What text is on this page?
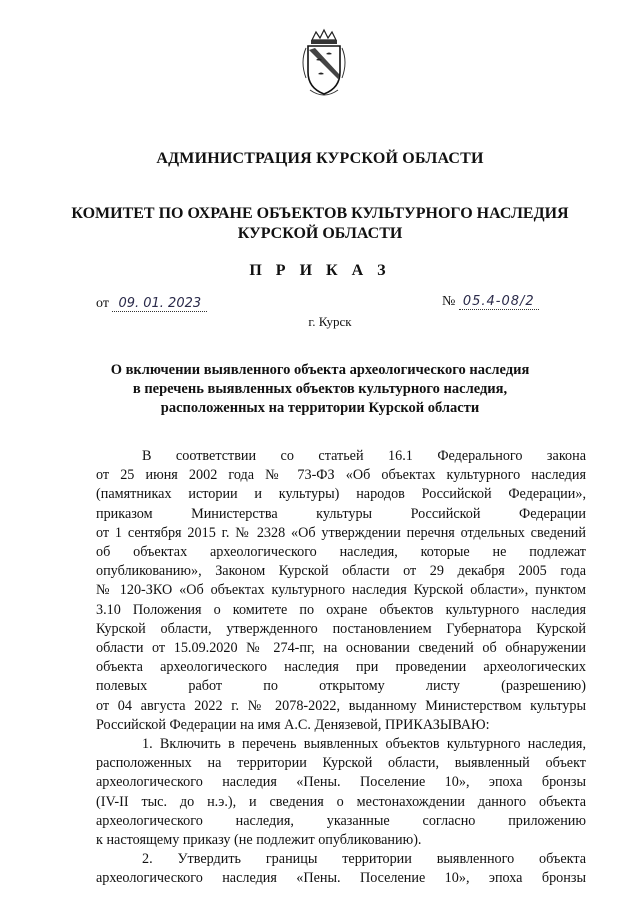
АДМИНИСТРАЦИЯ КУРСКОЙ ОБЛАСТИ
КОМИТЕТ ПО ОХРАНЕ ОБЪЕКТОВ КУЛЬТУРНОГО НАСЛЕДИЯ
КУРСКОЙ ОБЛАСТИ
П Р И К А З
от 09. 01. 2023	№ 05.4-08/2
г. Курск
О включении выявленного объекта археологического наследия
в перечень выявленных объектов культурного наследия,
расположенных на территории Курской области

В соответствии со статьей 16.1 Федерального закона

от 25 июня 2002 года № 73-ФЗ «Об объектах культурного наследия

(памятниках истории и культуры) народов Российской Федерации»,

приказом Министерства культуры Российской Федерации

от 1 сентября 2015 г. № 2328 «Об утверждении перечня отдельных сведений

об объектах археологического наследия, которые не подлежат

опубликованию», Законом Курской области от 29 декабря 2005 года

№ 120-ЗКО «Об объектах культурного наследия Курской области», пунктом

3.10 Положения о комитете по охране объектов культурного наследия

Курской области, утвержденного постановлением Губернатора Курской

области от 15.09.2020 № 274-пг, на основании сведений об обнаружении

объекта археологического наследия при проведении археологических

полевых работ по открытому листу (разрешению)

от 04 августа 2022 г. № 2078-2022, выданному Министерством культуры

Российской Федерации на имя А.С. Денязевой, ПРИКАЗЫВАЮ:

1. Включить в перечень выявленных объектов культурного наследия,

расположенных на территории Курской области, выявленный объект

археологического наследия «Пены. Поселение 10», эпоха бронзы

(IV-II тыс. до н.э.), и сведения о местонахождении данного объекта

археологического наследия, указанные согласно приложению

к настоящему приказу (не подлежит опубликованию).

2. Утвердить границы территории выявленного объекта

археологического наследия «Пены. Поселение 10», эпоха бронзы
